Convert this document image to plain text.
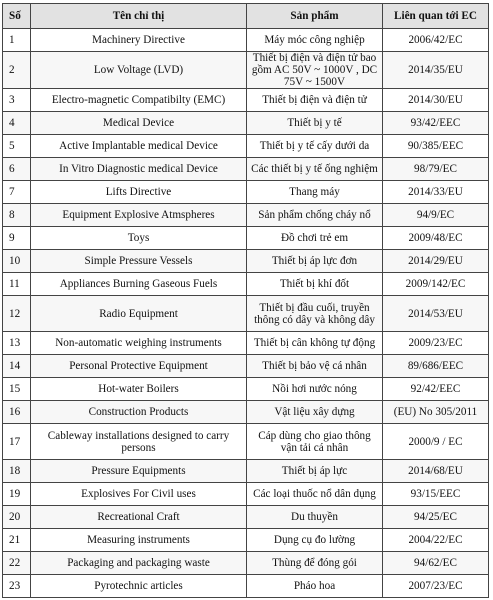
Số	Tên chỉ thị	Sản phẩm	Liên quan tới EC
1	Machinery Directive	Máy móc công nghiệp	2006/42/EC
2	Low Voltage (LVD)	Thiết bị điện và điện tử bao gồm AC 50V ~ 1000V , DC 75V ~ 1500V	2014/35/EU
3	Electro-magnetic Compatibilty (EMC)	Thiết bị điện và điện tử	2014/30/EU
4	Medical Device	Thiết bị y tế	93/42/EEC
5	Active Implantable medical Device	Thiết bị y tế cấy dưới da	90/385/EEC
6	In Vitro Diagnostic medical Device	Các thiết bị y tế ống nghiệm	98/79/EC
7	Lifts Directive	Thang máy	2014/33/EU
8	Equipment Explosive Atmspheres	Sản phẩm chống cháy nổ	94/9/EC
9	Toys	Đồ chơi trẻ em	2009/48/EC
10	Simple Pressure Vessels	Thiết bị áp lực đơn	2014/29/EU
11	Appliances Burning Gaseous Fuels	Thiết bị khí đốt	2009/142/EC
12	Radio Equipment	Thiết bị đầu cuối, truyền thông có dây và không dây	2014/53/EU
13	Non-automatic weighing instruments	Thiết bị cân không tự động	2009/23/EC
14	Personal Protective Equipment	Thiết bị bảo vệ cá nhân	89/686/EEC
15	Hot-water Boilers	Nồi hơi nước nóng	92/42/EEC
16	Construction Products	Vật liệu xây dựng	(EU) No 305/2011
17	Cableway installations designed to carry persons	Cáp dùng cho giao thông vận tải cá nhân	2000/9 / EC
18	Pressure Equipments	Thiết bị áp lực	2014/68/EU
19	Explosives For Civil uses	Các loại thuốc nổ dân dụng	93/15/EEC
20	Recreational Craft	Du thuyền	94/25/EC
21	Measuring instruments	Dụng cụ đo lường	2004/22/EC
22	Packaging and packaging waste	Thùng để đóng gói	94/62/EC
23	Pyrotechnic articles	Pháo hoa	2007/23/EC
